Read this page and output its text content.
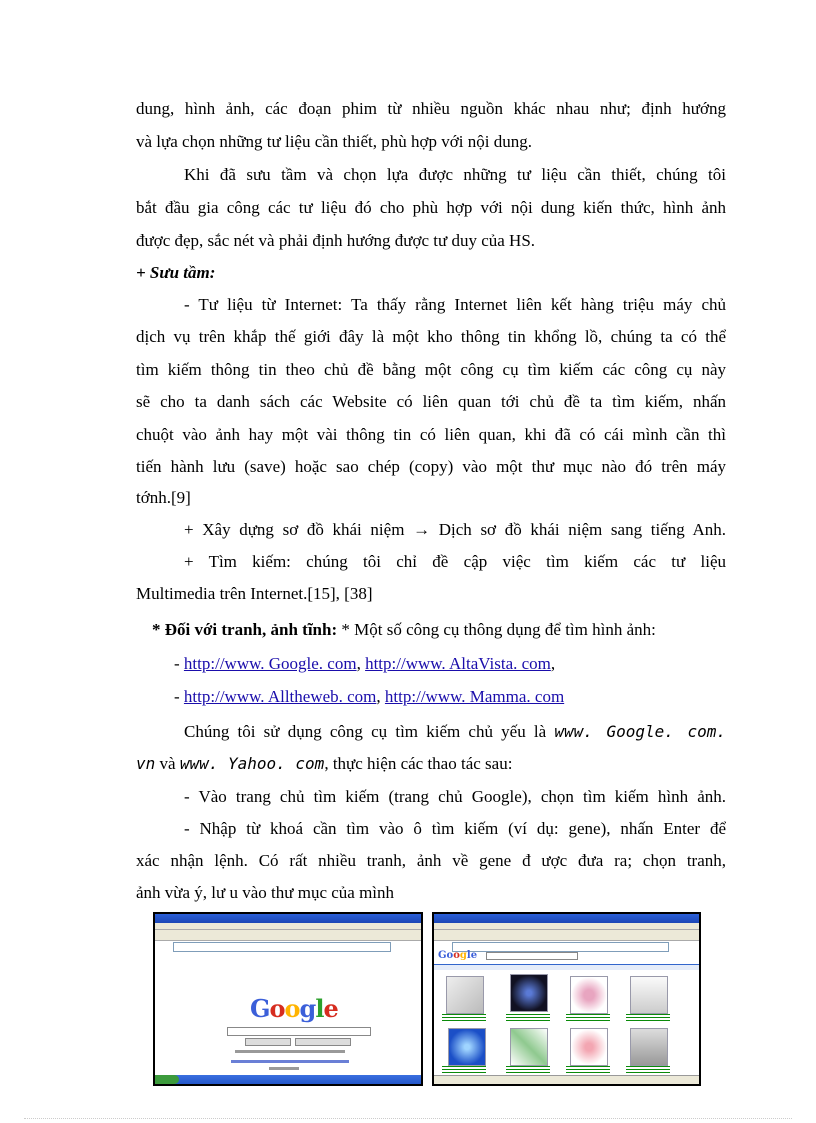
dung, hình ảnh, các đoạn phim từ nhiều nguồn khác nhau như; định hướng
và lựa chọn những tư liệu cần thiết, phù hợp với nội dung.
Khi đã sưu tầm và chọn lựa được những tư liệu cần thiết, chúng tôi
bắt đầu gia công các tư liệu đó cho phù hợp với nội dung kiến thức, hình ảnh
được đẹp, sắc nét và phải định hướng được tư duy của HS.
+ Sưu tầm:
- Tư liệu từ Internet: Ta thấy rằng Internet liên kết hàng triệu máy chủ
dịch vụ trên khắp thế giới đây là một kho thông tin khổng lồ, chúng ta có thể
tìm kiếm thông tin theo chủ đề bằng một công cụ tìm kiếm các công cụ này
sẽ cho ta danh sách các Website có liên quan tới chủ đề ta tìm kiếm, nhấn
chuột vào ảnh hay một vài thông tin có liên quan, khi đã có cái mình cần thì
tiến hành lưu (save) hoặc sao chép (copy) vào một thư mục nào đó trên máy
tớnh.[9]
+ Xây dựng sơ đồ khái niệm → Dịch sơ đồ khái niệm sang tiếng Anh.
+ Tìm kiếm: chúng tôi chỉ đề cập việc tìm kiếm các tư liệu
Multimedia trên Internet.[15], [38]
* Đối với tranh, ảnh tĩnh: * Một số công cụ thông dụng để tìm hình ảnh:
- http://www. Google. com, http://www. AltaVista. com,
- http://www. Alltheweb. com, http://www. Mamma. com
Chúng tôi sử dụng công cụ tìm kiếm chủ yếu là www. Google. com.
vn và www. Yahoo. com, thực hiện các thao tác sau:
- Vào trang chủ tìm kiếm (trang chủ Google), chọn tìm kiếm hình ảnh.
- Nhập từ khoá cần tìm vào ô tìm kiếm (ví dụ: gene), nhấn Enter để
xác nhận lệnh. Có rất nhiều tranh, ảnh về gene đ ược đưa ra; chọn tranh,
ảnh vừa ý, lư u vào thư mục của mình
Google
Google
